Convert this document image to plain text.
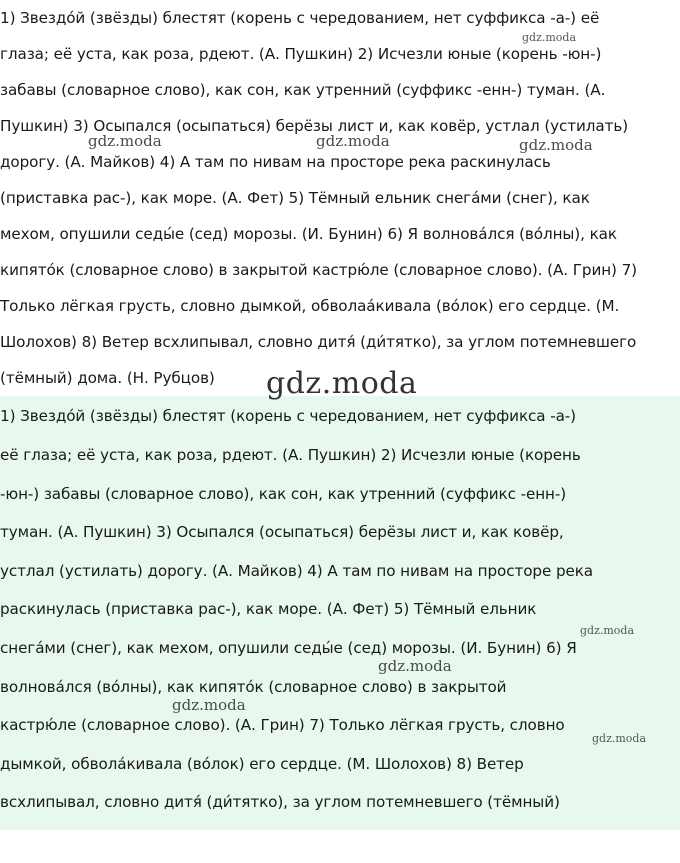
1) Звездо́й (звёзды) блестят (корень с чередованием, нет суффикса -а-) её
глаза; её уста, как роза, рдеют. (А. Пушкин) 2) Исчезли юные (корень -юн-)
забавы (словарное слово), как сон, как утренний (суффикс -енн-) туман. (А.
Пушкин) 3) Осыпался (осыпаться) берёзы лист и, как ковёр, устлал (устилать)
дорогу. (А. Майков) 4) А там по нивам на просторе река раскинулась
(приставка рас-), как море. (А. Фет) 5) Тёмный ельник снега́ми (снег), как
мехом, опушили седы́е (сед) морозы. (И. Бунин) 6) Я волнова́лся (во́лны), как
кипято́к (словарное слово) в закрытой кастрю́ле (словарное слово). (А. Грин) 7)
Только лёгкая грусть, словно дымкой, обволаа́кивала (во́лок) его сердце. (М.
Шолохов) 8) Ветер всхлипывал, словно дитя́ (ди́тятко), за углом потемневшего
(тёмный) дома. (Н. Рубцов)
1) Звездо́й (звёзды) блестят (корень с чередованием, нет суффикса -а-)
её глаза; её уста, как роза, рдеют. (А. Пушкин) 2) Исчезли юные (корень
-юн-) забавы (словарное слово), как сон, как утренний (суффикс -енн-)
туман. (А. Пушкин) 3) Осыпался (осыпаться) берёзы лист и, как ковёр,
устлал (устилать) дорогу. (А. Майков) 4) А там по нивам на просторе река
раскинулась (приставка рас-), как море. (А. Фет) 5) Тёмный ельник
снега́ми (снег), как мехом, опушили седы́е (сед) морозы. (И. Бунин) 6) Я
волнова́лся (во́лны), как кипято́к (словарное слово) в закрытой
кастрю́ле (словарное слово). (А. Грин) 7) Только лёгкая грусть, словно
дымкой, обвола́кивала (во́лок) его сердце. (М. Шолохов) 8) Ветер
всхлипывал, словно дитя́ (ди́тятко), за углом потемневшего (тёмный)
gdz.moda
gdz.moda	gdz.moda	gdz.moda
gdz.moda
gdz.moda
gdz.moda
gdz.moda
gdz.moda
